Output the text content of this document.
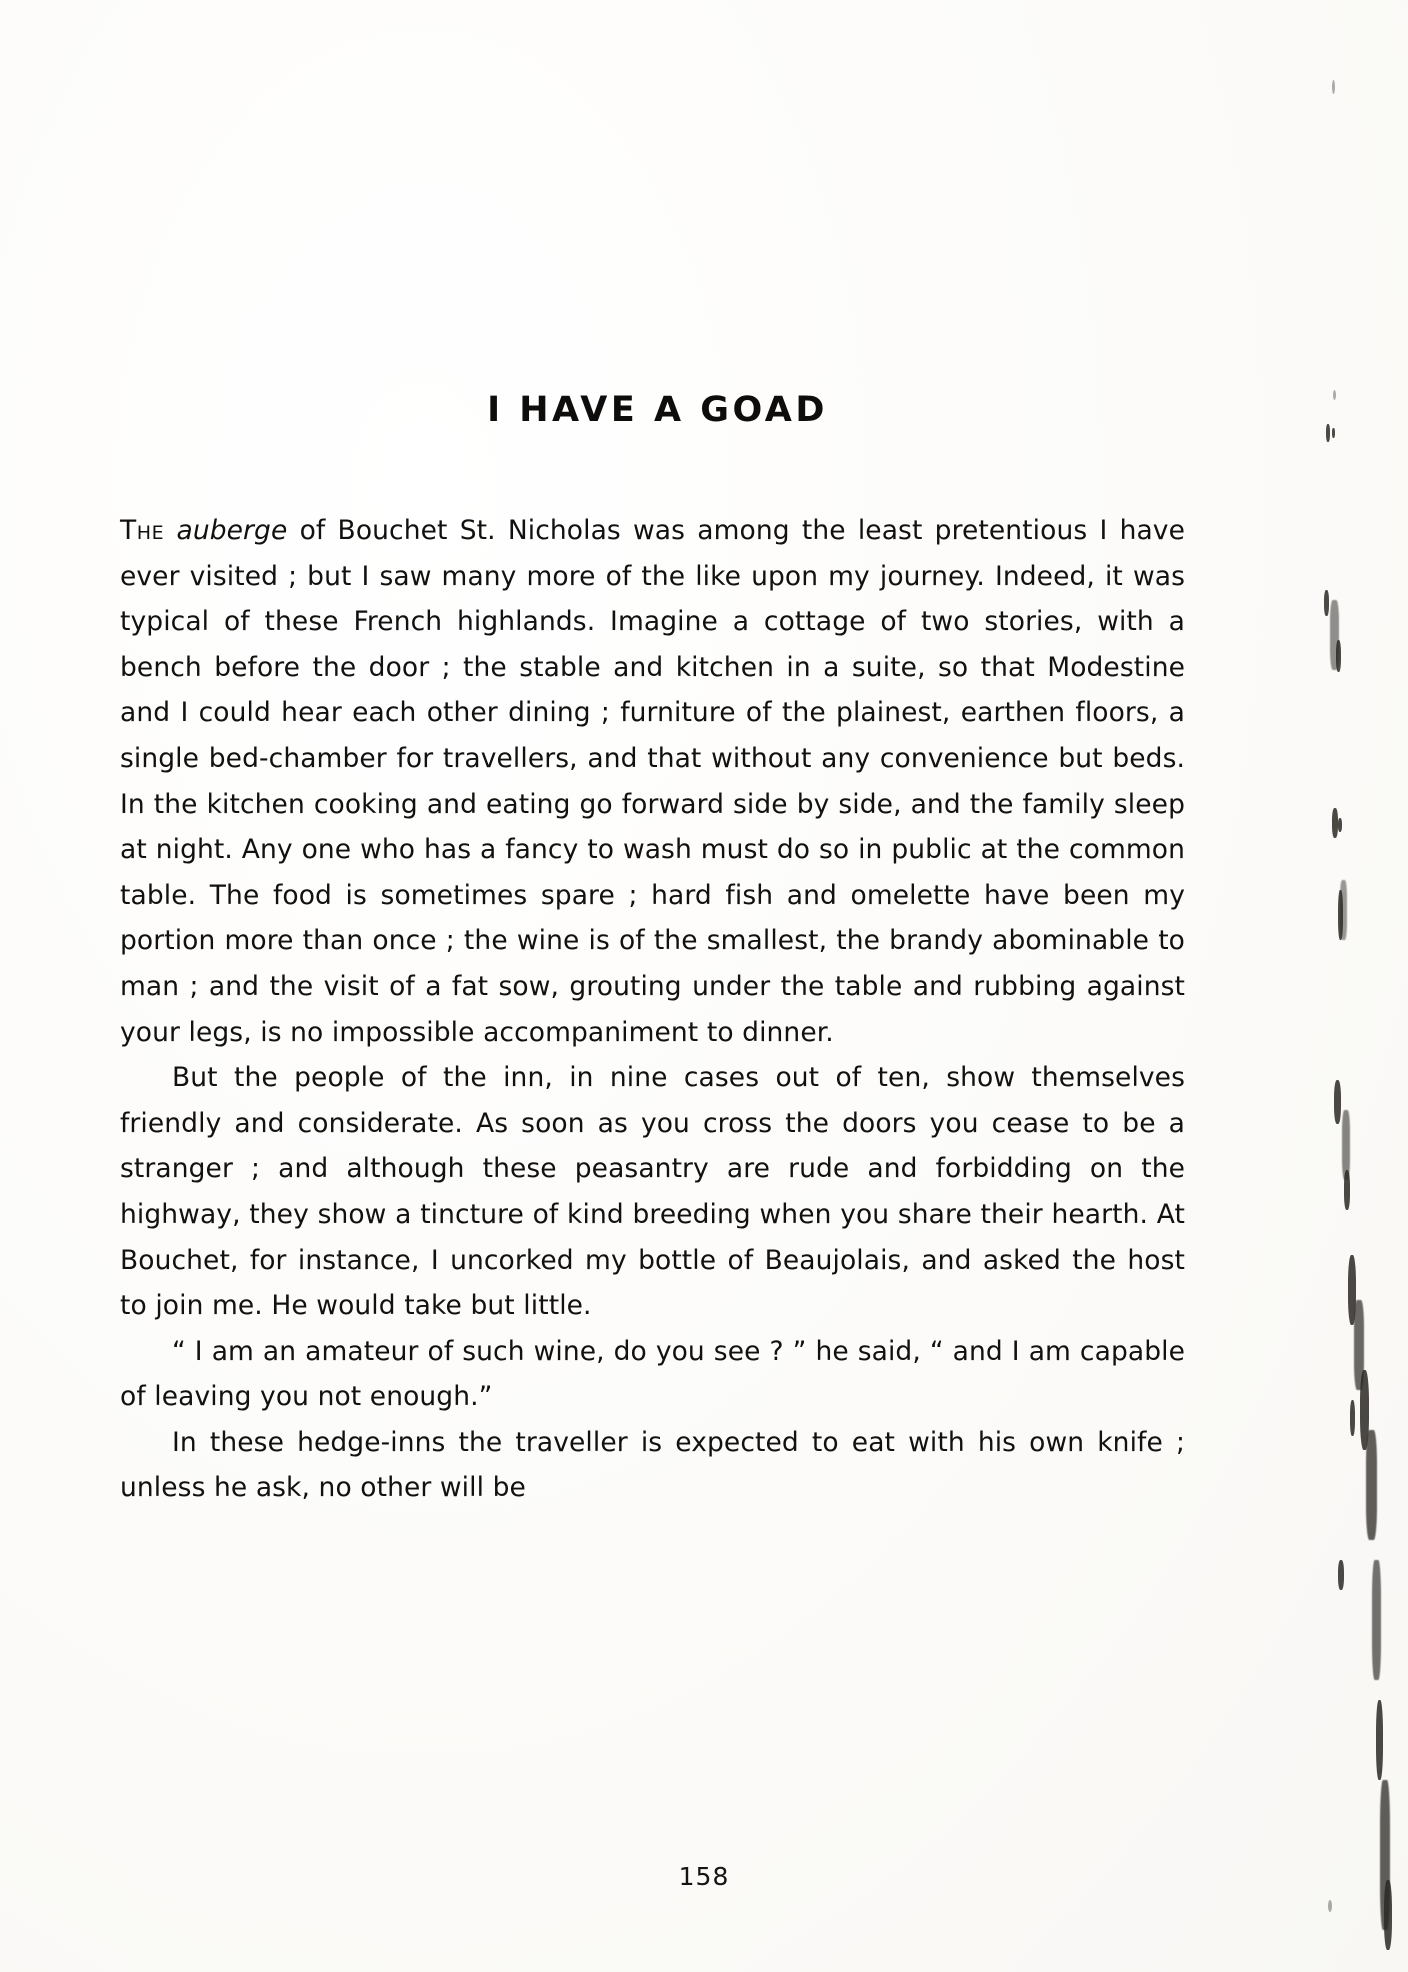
I HAVE A GOAD

The auberge of Bouchet St. Nicholas was among the least pretentious I have ever visited ; but I saw many more of the like upon my journey. Indeed, it was typical of these French highlands. Imagine a cottage of two stories, with a bench before the door ; the stable and kitchen in a suite, so that Modestine and I could hear each other dining ; furniture of the plainest, earthen floors, a single bed-chamber for travellers, and that without any convenience but beds. In the kitchen cooking and eating go forward side by side, and the family sleep at night. Any one who has a fancy to wash must do so in public at the common table. The food is sometimes spare ; hard fish and omelette have been my portion more than once ; the wine is of the smallest, the brandy abominable to man ; and the visit of a fat sow, grouting under the table and rubbing against your legs, is no impossible accompaniment to dinner.

But the people of the inn, in nine cases out of ten, show themselves friendly and considerate. As soon as you cross the doors you cease to be a stranger ; and although these peasantry are rude and forbidding on the highway, they show a tincture of kind breeding when you share their hearth. At Bouchet, for instance, I uncorked my bottle of Beaujolais, and asked the host to join me. He would take but little.

“ I am an amateur of such wine, do you see ? ” he said, “ and I am capable of leaving you not enough.”

In these hedge-inns the traveller is expected to eat with his own knife ; unless he ask, no other will be

158
